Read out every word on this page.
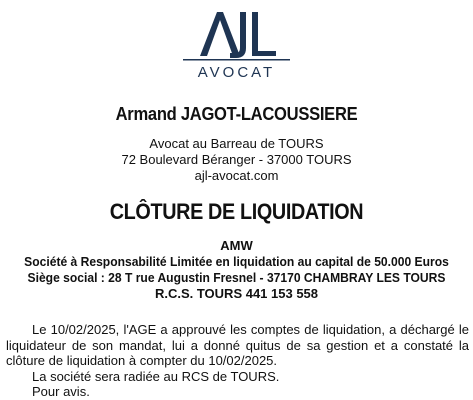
AVOCAT
Armand JAGOT-LACOUSSIERE
Avocat au Barreau de TOURS
72 Boulevard Béranger - 37000 TOURS
ajl-avocat.com
CLÔTURE DE LIQUIDATION
AMW
Société à Responsabilité Limitée en liquidation au capital de 50.000 Euros
Siège social : 28 T rue Augustin Fresnel - 37170 CHAMBRAY LES TOURS
R.C.S. TOURS 441 153 558

Le 10/02/2025, l'AGE a approuvé les comptes de liquidation, a déchargé le liquidateur de son mandat, lui a donné quitus de sa gestion et a constaté la clôture de liquidation à compter du 10/02/2025.

La société sera radiée au RCS de TOURS.
Pour avis.
